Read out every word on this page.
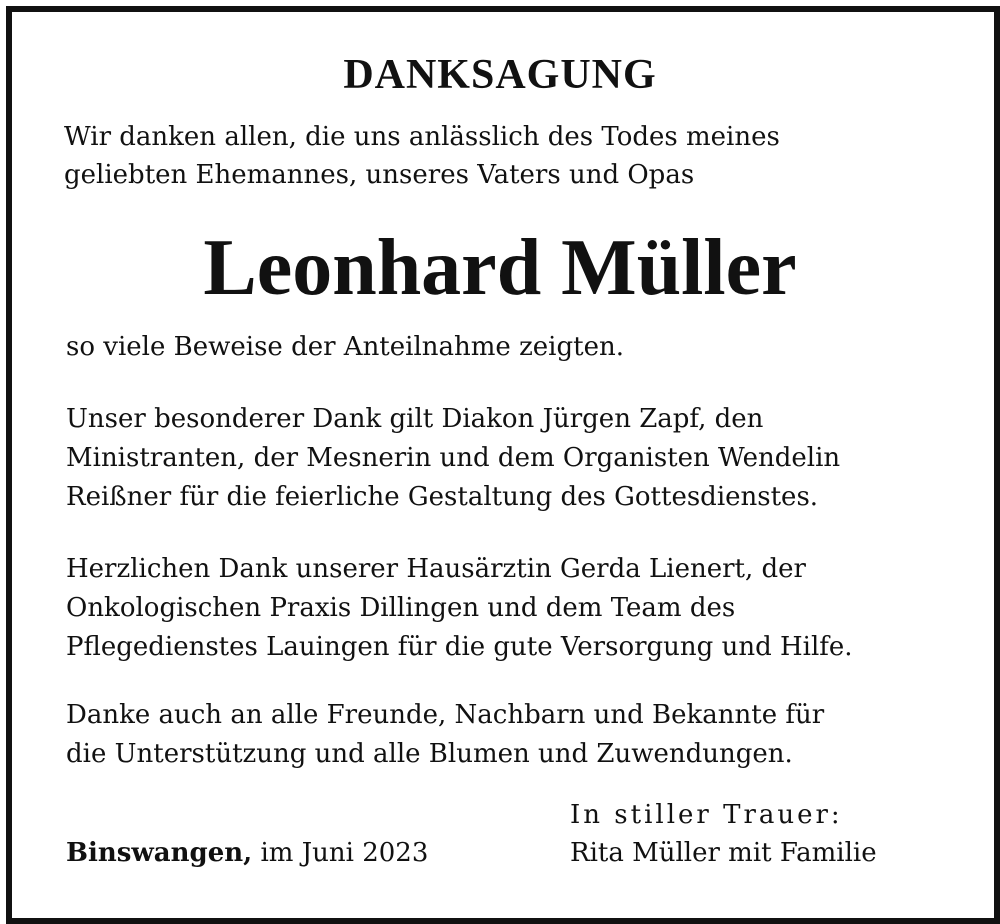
DANKSAGUNG
Wir danken allen, die uns anlässlich des Todes meines
geliebten Ehemannes, unseres Vaters und Opas
Leonhard Müller
so viele Beweise der Anteilnahme zeigten.
Unser besonderer Dank gilt Diakon Jürgen Zapf, den
Ministranten, der Mesnerin und dem Organisten Wendelin
Reißner für die feierliche Gestaltung des Gottesdienstes.
Herzlichen Dank unserer Hausärztin Gerda Lienert, der
Onkologischen Praxis Dillingen und dem Team des
Pflegedienstes Lauingen für die gute Versorgung und Hilfe.
Danke auch an alle Freunde, Nachbarn und Bekannte für
die Unterstützung und alle Blumen und Zuwendungen.
Binswangen, im Juni 2023
In stiller Trauer:
Rita Müller mit Familie
